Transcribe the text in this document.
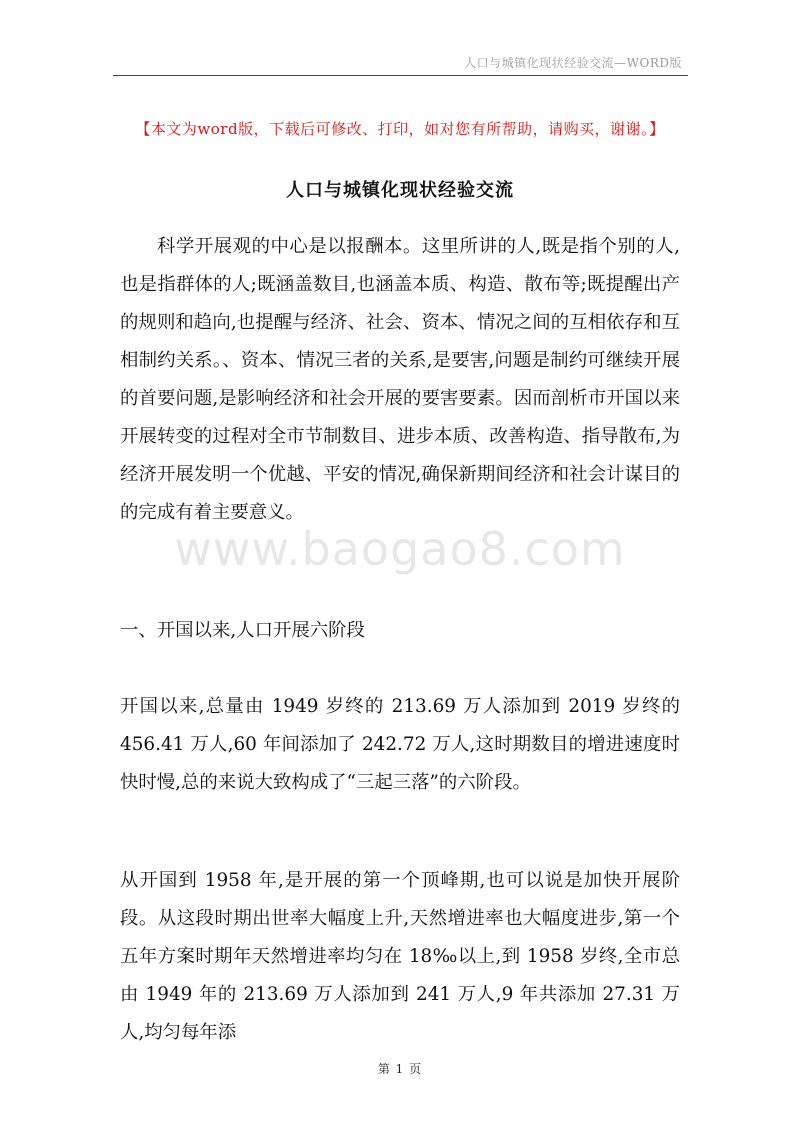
人口与城镇化现状经验交流—WORD版
【本文为word版，下载后可修改、打印，如对您有所帮助，请购买，谢谢。】
人口与城镇化现状经验交流

科学开展观的中心是以报酬本。这里所讲的人,既是指个别的人,也是指群体的人;既涵盖数目,也涵盖本质、构造、散布等;既提醒出产的规则和趋向,也提醒与经济、社会、资本、情况之间的互相依存和互相制约关系。、资本、情况三者的关系,是要害,问题是制约可继续开展的首要问题,是影响经济和社会开展的要害要素。因而剖析市开国以来开展转变的过程对全市节制数目、进步本质、改善构造、指导散布,为经济开展发明一个优越、平安的情况,确保新期间经济和社会计谋目的的完成有着主要意义。

一、开国以来,人口开展六阶段

开国以来,总量由 1949 岁终的 213.69 万人添加到 2019 岁终的 456.41 万人,60 年间添加了 242.72 万人,这时期数目的增进速度时快时慢,总的来说大致构成了“三起三落”的六阶段。

从开国到 1958 年,是开展的第一个顶峰期,也可以说是加快开展阶段。从这段时期出世率大幅度上升,天然增进率也大幅度进步,第一个五年方案时期年天然增进率均匀在 18‰以上,到 1958 岁终,全市总由 1949 年的 213.69 万人添加到 241 万人,9 年共添加 27.31 万人,均匀每年添

www.baogao8.com
第 1 页
